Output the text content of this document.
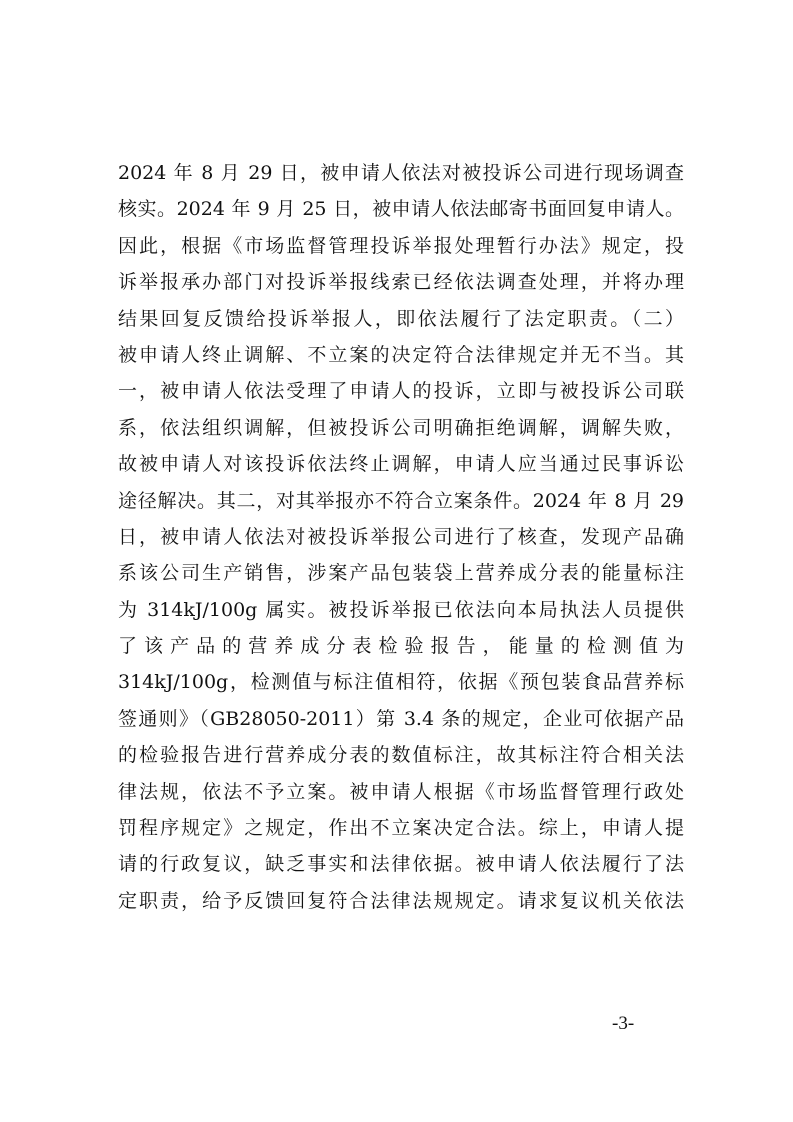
2024 年 8 月 29 日，被申请人依法对被投诉公司进行现场调查
核实。2024 年 9 月 25 日，被申请人依法邮寄书面回复申请人。
因此，根据《市场监督管理投诉举报处理暂行办法》规定，投
诉举报承办部门对投诉举报线索已经依法调查处理，并将办理
结果回复反馈给投诉举报人，即依法履行了法定职责。（二）
被申请人终止调解、不立案的决定符合法律规定并无不当。其
一，被申请人依法受理了申请人的投诉，立即与被投诉公司联
系，依法组织调解，但被投诉公司明确拒绝调解，调解失败，
故被申请人对该投诉依法终止调解，申请人应当通过民事诉讼
途径解决。其二，对其举报亦不符合立案条件。2024 年 8 月 29
日，被申请人依法对被投诉举报公司进行了核查，发现产品确
系该公司生产销售，涉案产品包装袋上营养成分表的能量标注
为 314kJ/100g 属实。被投诉举报已依法向本局执法人员提供
了该产品的营养成分表检验报告，能量的检测值为
314kJ/100g，检测值与标注值相符，依据《预包装食品营养标
签通则》（GB28050-2011）第 3.4 条的规定，企业可依据产品
的检验报告进行营养成分表的数值标注，故其标注符合相关法
律法规，依法不予立案。被申请人根据《市场监督管理行政处
罚程序规定》之规定，作出不立案决定合法。综上，申请人提
请的行政复议，缺乏事实和法律依据。被申请人依法履行了法
定职责，给予反馈回复符合法律法规规定。请求复议机关依法
-3-
